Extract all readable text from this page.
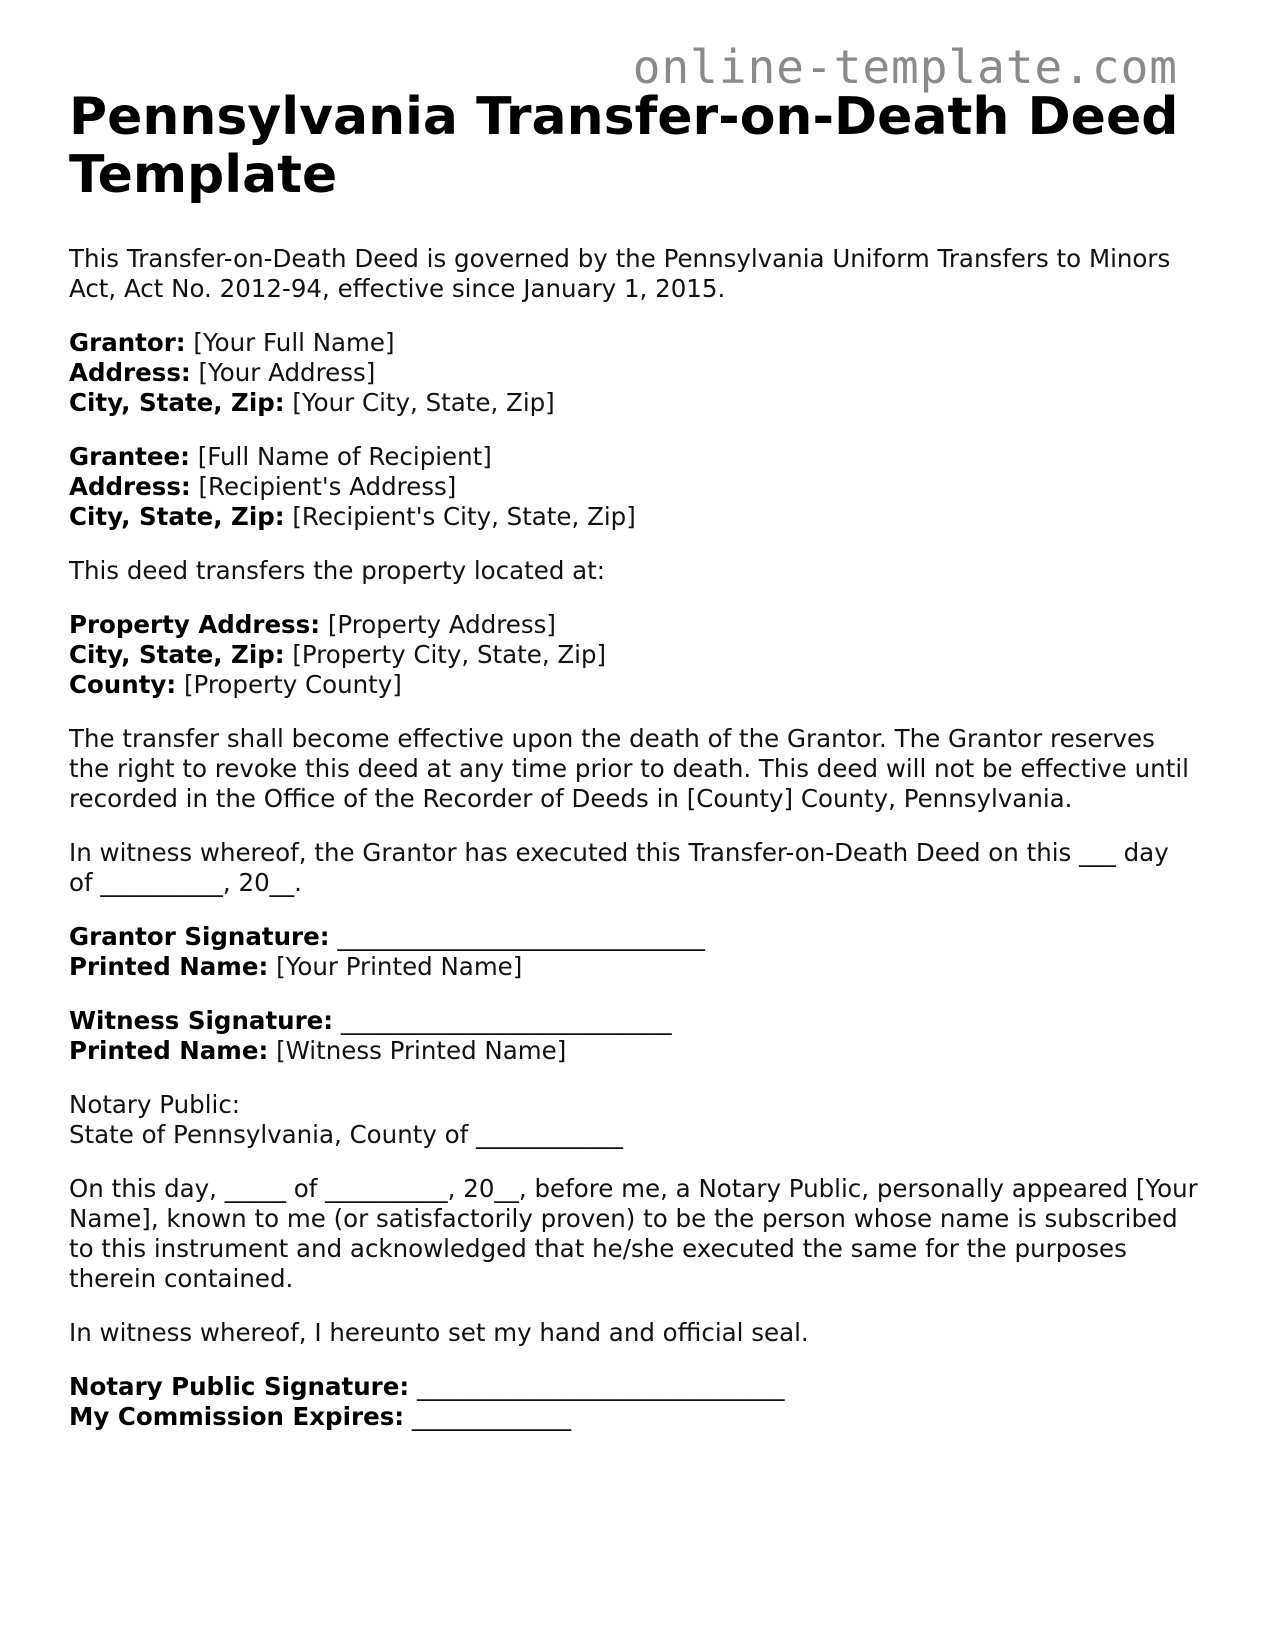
online-template.com
Pennsylvania Transfer-on-Death Deed Template

This Transfer-on-Death Deed is governed by the Pennsylvania Uniform Transfers to Minors Act, Act No. 2012-94, effective since January 1, 2015.

Grantor: [Your Full Name]
Address: [Your Address]
City, State, Zip: [Your City, State, Zip]
Grantee: [Full Name of Recipient]
Address: [Recipient's Address]
City, State, Zip: [Recipient's City, State, Zip]

This deed transfers the property located at:

Property Address: [Property Address]
City, State, Zip: [Property City, State, Zip]
County: [Property County]

The transfer shall become effective upon the death of the Grantor. The Grantor reserves the right to revoke this deed at any time prior to death. This deed will not be effective until recorded in the Office of the Recorder of Deeds in [County] County, Pennsylvania.

In witness whereof, the Grantor has executed this Transfer-on-Death Deed on this ___ day of __________, 20__.

Grantor Signature: ______________________________
Printed Name: [Your Printed Name]
Witness Signature: ___________________________
Printed Name: [Witness Printed Name]
Notary Public:
State of Pennsylvania, County of ____________

On this day, _____ of __________, 20__, before me, a Notary Public, personally appeared [Your Name], known to me (or satisfactorily proven) to be the person whose name is subscribed to this instrument and acknowledged that he/she executed the same for the purposes therein contained.

In witness whereof, I hereunto set my hand and official seal.

Notary Public Signature: ______________________________
My Commission Expires: _____________
